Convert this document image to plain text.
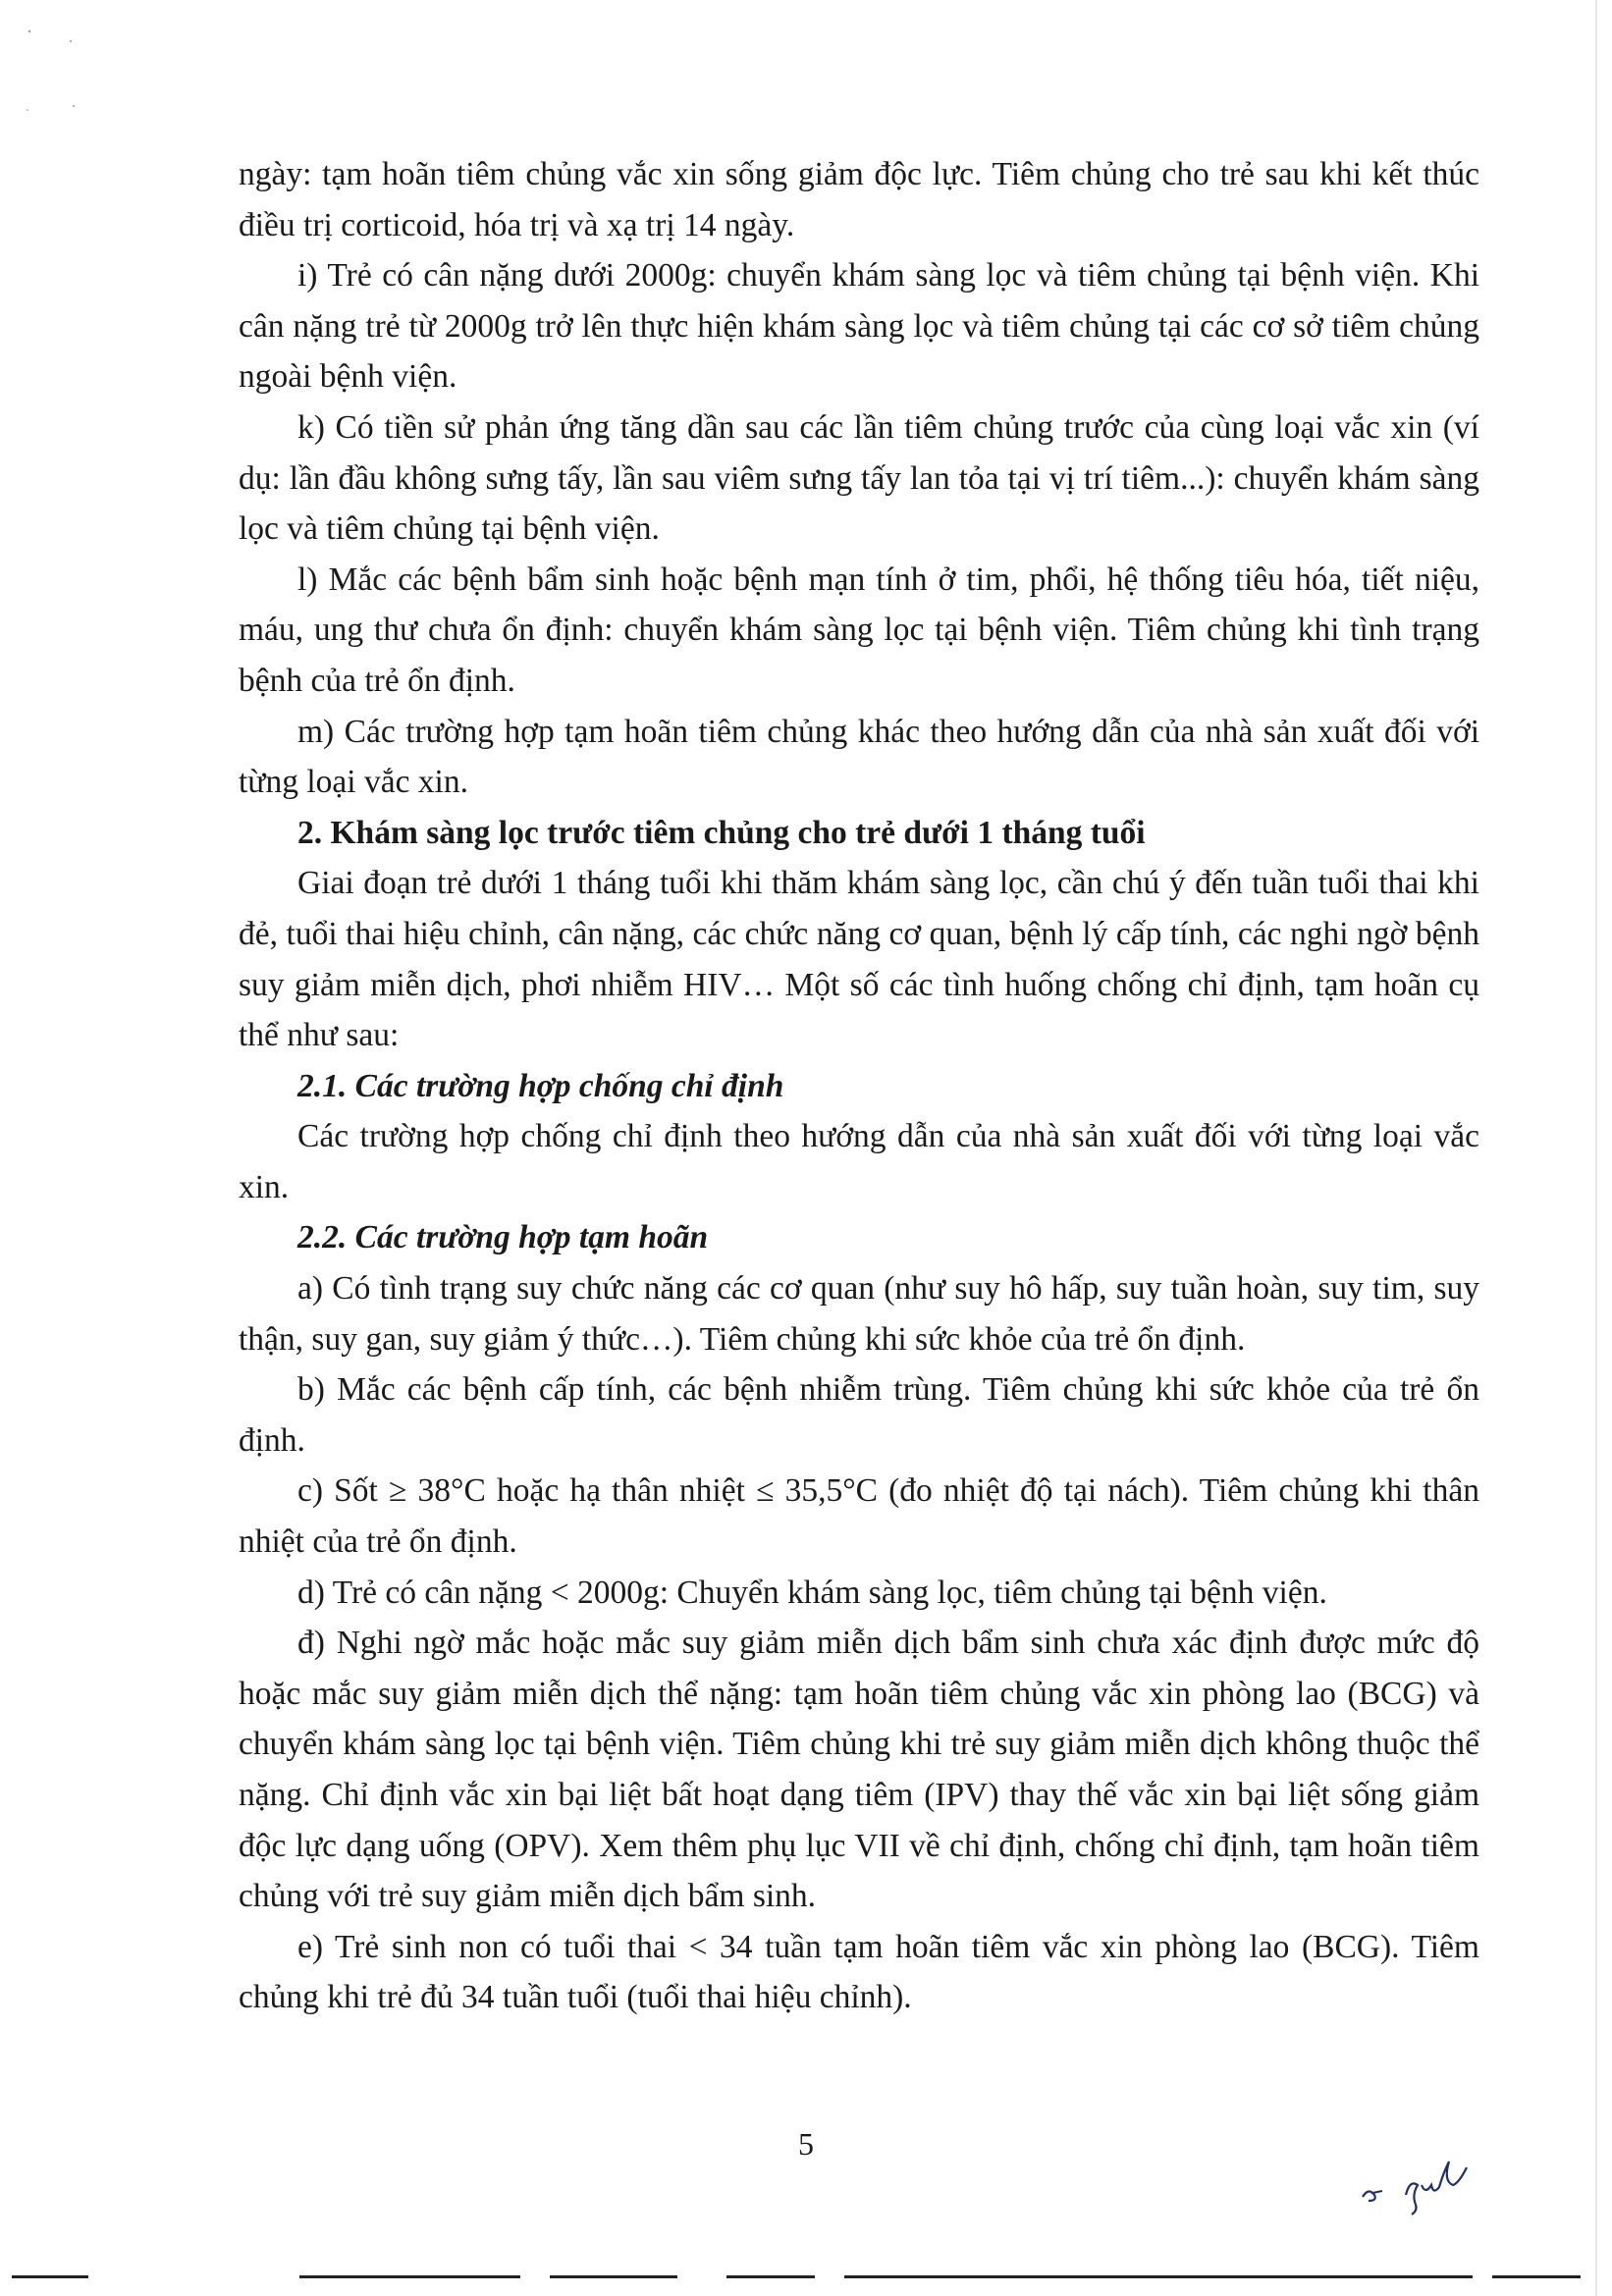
ngày: tạm hoãn tiêm chủng vắc xin sống giảm độc lực. Tiêm chủng cho trẻ sau khi kết thúc điều trị corticoid, hóa trị và xạ trị 14 ngày.

i) Trẻ có cân nặng dưới 2000g: chuyển khám sàng lọc và tiêm chủng tại bệnh viện. Khi cân nặng trẻ từ 2000g trở lên thực hiện khám sàng lọc và tiêm chủng tại các cơ sở tiêm chủng ngoài bệnh viện.

k) Có tiền sử phản ứng tăng dần sau các lần tiêm chủng trước của cùng loại vắc xin (ví dụ: lần đầu không sưng tấy, lần sau viêm sưng tấy lan tỏa tại vị trí tiêm...): chuyển khám sàng lọc và tiêm chủng tại bệnh viện.

l) Mắc các bệnh bẩm sinh hoặc bệnh mạn tính ở tim, phổi, hệ thống tiêu hóa, tiết niệu, máu, ung thư chưa ổn định: chuyển khám sàng lọc tại bệnh viện. Tiêm chủng khi tình trạng bệnh của trẻ ổn định.

m) Các trường hợp tạm hoãn tiêm chủng khác theo hướng dẫn của nhà sản xuất đối với từng loại vắc xin.

2. Khám sàng lọc trước tiêm chủng cho trẻ dưới 1 tháng tuổi

Giai đoạn trẻ dưới 1 tháng tuổi khi thăm khám sàng lọc, cần chú ý đến tuần tuổi thai khi đẻ, tuổi thai hiệu chỉnh, cân nặng, các chức năng cơ quan, bệnh lý cấp tính, các nghi ngờ bệnh suy giảm miễn dịch, phơi nhiễm HIV… Một số các tình huống chống chỉ định, tạm hoãn cụ thể như sau:

2.1. Các trường hợp chống chỉ định

Các trường hợp chống chỉ định theo hướng dẫn của nhà sản xuất đối với từng loại vắc xin.

2.2. Các trường hợp tạm hoãn

a) Có tình trạng suy chức năng các cơ quan (như suy hô hấp, suy tuần hoàn, suy tim, suy thận, suy gan, suy giảm ý thức…). Tiêm chủng khi sức khỏe của trẻ ổn định.

b) Mắc các bệnh cấp tính, các bệnh nhiễm trùng. Tiêm chủng khi sức khỏe của trẻ ổn định.

c) Sốt ≥ 38°C hoặc hạ thân nhiệt ≤ 35,5°C (đo nhiệt độ tại nách). Tiêm chủng khi thân nhiệt của trẻ ổn định.

d) Trẻ có cân nặng < 2000g: Chuyển khám sàng lọc, tiêm chủng tại bệnh viện.

đ) Nghi ngờ mắc hoặc mắc suy giảm miễn dịch bẩm sinh chưa xác định được mức độ hoặc mắc suy giảm miễn dịch thể nặng: tạm hoãn tiêm chủng vắc xin phòng lao (BCG) và chuyển khám sàng lọc tại bệnh viện. Tiêm chủng khi trẻ suy giảm miễn dịch không thuộc thể nặng. Chỉ định vắc xin bại liệt bất hoạt dạng tiêm (IPV) thay thế vắc xin bại liệt sống giảm độc lực dạng uống (OPV). Xem thêm phụ lục VII về chỉ định, chống chỉ định, tạm hoãn tiêm chủng với trẻ suy giảm miễn dịch bẩm sinh.

e) Trẻ sinh non có tuổi thai < 34 tuần tạm hoãn tiêm vắc xin phòng lao (BCG). Tiêm chủng khi trẻ đủ 34 tuần tuổi (tuổi thai hiệu chỉnh).

5
